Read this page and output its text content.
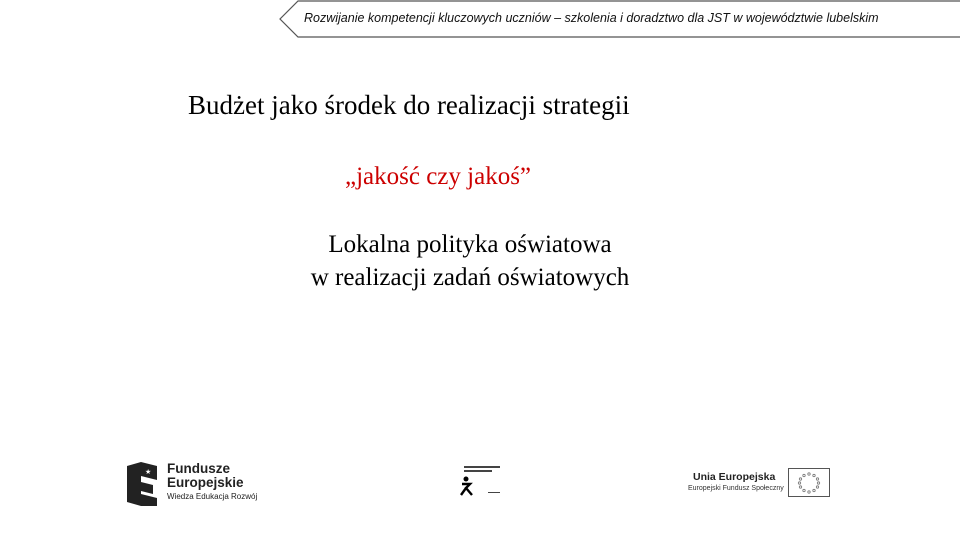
Rozwijanie kompetencji kluczowych uczniów – szkolenia i doradztwo dla JST w województwie lubelskim
Budżet jako środek do realizacji strategii
„jakość czy jakoś”
Lokalna polityka oświatowa
w realizacji zadań oświatowych
★ Fundusze
Europejskie
Wiedza Edukacja Rozwój
Unia Europejska
Europejski Fundusz Społeczny
